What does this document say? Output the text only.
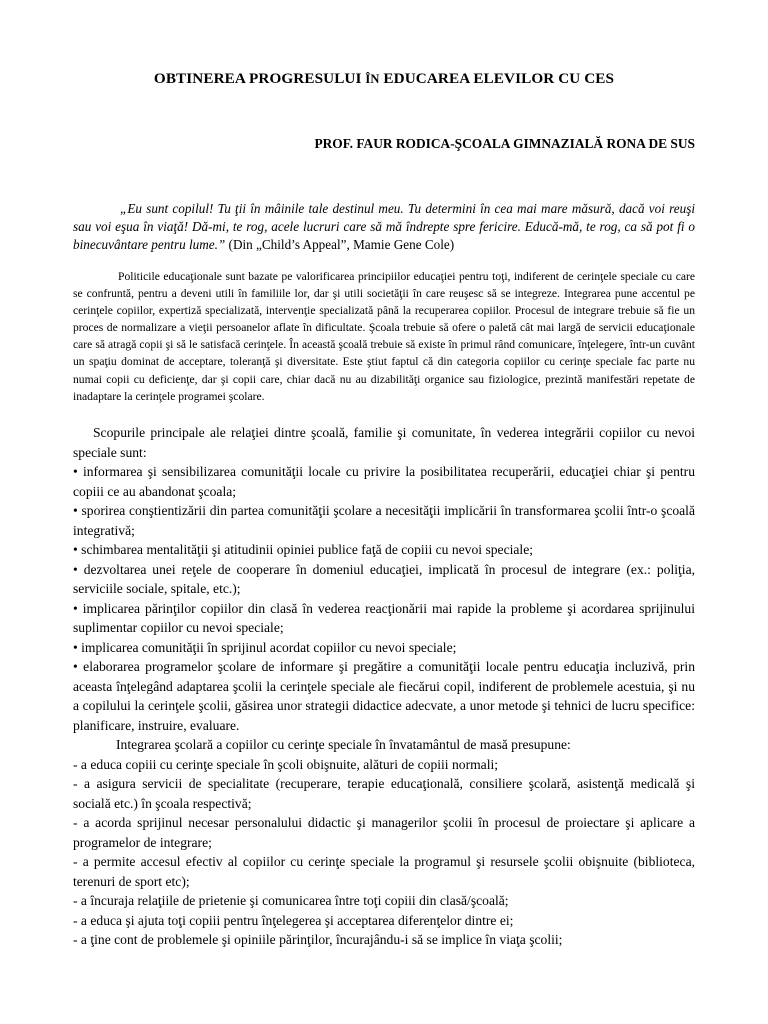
OBTINEREA PROGRESULUI ÎN EDUCAREA ELEVILOR CU CES

PROF. FAUR RODICA-ŞCOALA GIMNAZIALĂ RONA DE SUS

„Eu sunt copilul! Tu ţii în mâinile tale destinul meu. Tu determini în cea mai mare măsură, dacă voi reuşi sau voi eşua în viaţă! Dă-mi, te rog, acele lucruri care să mă îndrepte spre fericire. Educă-mă, te rog, ca să pot fi o binecuvântare pentru lume.” (Din „Child’s Appeal”, Mamie Gene Cole)

Politicile educaţionale sunt bazate pe valorificarea principiilor educaţiei pentru toţi, indiferent de cerinţele speciale cu care se confruntă, pentru a deveni utili în familiile lor, dar şi utili societăţii în care reuşesc să se integreze. Integrarea pune accentul pe cerinţele copiilor, expertiză specializată, intervenţie specializată până la recuperarea copiilor. Procesul de integrare trebuie să fie un proces de normalizare a vieţii persoanelor aflate în dificultate. Şcoala trebuie să ofere o paletă cât mai largă de servicii educaţionale care să atragă copii şi să le satisfacă cerinţele. În această şcoală trebuie să existe în primul rând comunicare, înţelegere, într-un cuvânt un spaţiu dominat de acceptare, toleranţă şi diversitate. Este ştiut faptul că din categoria copiilor cu cerinţe speciale fac parte nu numai copii cu deficienţe, dar şi copii care, chiar dacă nu au dizabilităţi organice sau fiziologice, prezintă manifestări repetate de inadaptare la cerinţele programei şcolare.

Scopurile principale ale relaţiei dintre şcoală, familie şi comunitate, în vederea integrării copiilor cu nevoi speciale sunt:

• informarea şi sensibilizarea comunităţii locale cu privire la posibilitatea recuperării, educaţiei chiar şi pentru copiii ce au abandonat şcoala;

• sporirea conştientizării din partea comunităţii şcolare a necesităţii implicării în transformarea şcolii într-o şcoală integrativă;

• schimbarea mentalităţii şi atitudinii opiniei publice faţă de copiii cu nevoi speciale;

• dezvoltarea unei reţele de cooperare în domeniul educaţiei, implicată în procesul de integrare (ex.: poliţia, serviciile sociale, spitale, etc.);

• implicarea părinţilor copiilor din clasă în vederea reacţionării mai rapide la probleme şi acordarea sprijinului suplimentar copiilor cu nevoi speciale;

• implicarea comunităţii în sprijinul acordat copiilor cu nevoi speciale;

• elaborarea programelor şcolare de informare şi pregătire a comunităţii locale pentru educaţia incluzivă, prin aceasta înţelegând adaptarea şcolii la cerinţele speciale ale fiecărui copil, indiferent de problemele acestuia, şi nu a copilului la cerinţele şcolii, găsirea unor strategii didactice adecvate, a unor metode şi tehnici de lucru specifice: planificare, instruire, evaluare.

Integrarea şcolară a copiilor cu cerinţe speciale în învatamântul de masă presupune:

- a educa copiii cu cerinţe speciale în şcoli obişnuite, alături de copiii normali;

- a asigura servicii de specialitate (recuperare, terapie educaţională, consiliere şcolară, asistenţă medicală şi socială etc.) în şcoala respectivă;

- a acorda sprijinul necesar personalului didactic şi managerilor şcolii în procesul de proiectare şi aplicare a programelor de integrare;

- a permite accesul efectiv al copiilor cu cerinţe speciale la programul şi resursele şcolii obişnuite (biblioteca, terenuri de sport etc);

- a încuraja relaţiile de prietenie şi comunicarea între toţi copiii din clasă/şcoală;

- a educa şi ajuta toţi copiii pentru înţelegerea şi acceptarea diferenţelor dintre ei;

- a ţine cont de problemele şi opiniile părinţilor, încurajându-i să se implice în viaţa şcolii;
